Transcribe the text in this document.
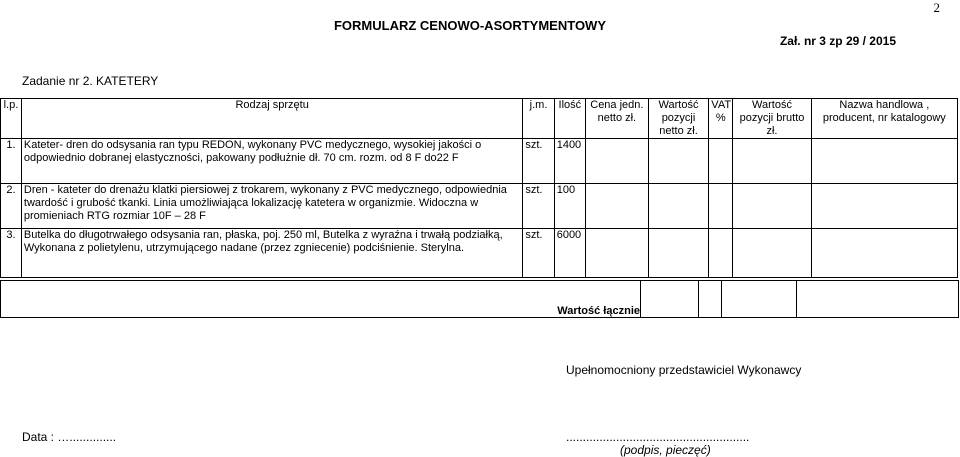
2
FORMULARZ CENOWO-ASORTYMENTOWY
Zał. nr 3 zp 29 / 2015
Zadanie nr 2. KATETERY
l.p.	Rodzaj sprzętu	j.m.	Ilość	Cena jedn. netto zł.	Wartość pozycji netto zł.	VAT %	Wartość pozycji brutto zł.	Nazwa handlowa , producent, nr katalogowy
1.	Kateter- dren do odsysania ran typu REDON, wykonany PVC medycznego, wysokiej jakości o odpowiednio dobranej elastyczności, pakowany podłużnie dł. 70 cm. rozm. od 8 F do22 F	szt.	1400					
2.	Dren - kateter do drenażu klatki piersiowej z trokarem, wykonany z PVC medycznego, odpowiednia twardość i grubość tkanki. Linia umożliwiająca lokalizację katetera w organizmie. Widoczna w promieniach RTG rozmiar 10F – 28 F	szt.	100					
3.	Butelka do długotrwałego odsysania ran, płaska, poj. 250 ml, Butelka z wyraźna i trwałą podziałką, Wykonana z polietylenu, utrzymującego nadane (przez zgniecenie) podciśnienie. Sterylna.	szt.	6000					
Wartość łącznie				
Upełnomocniony przedstawiciel Wykonawcy
Data : …..............	.......................................................
(podpis, pieczęć)
